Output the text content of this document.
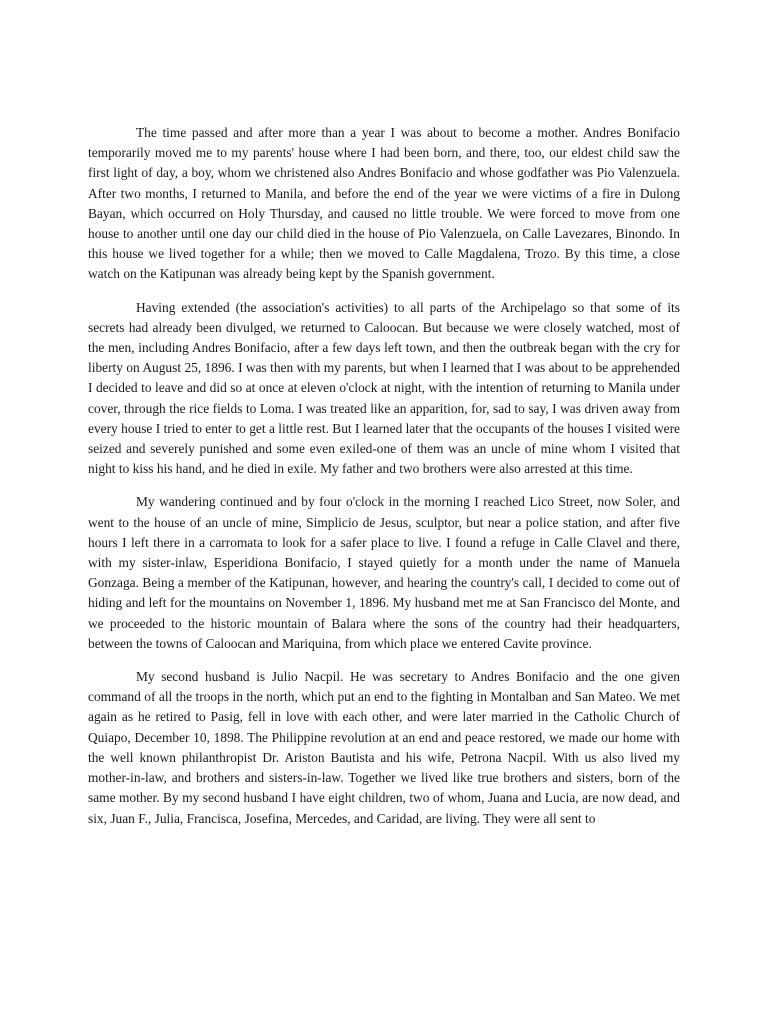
The time passed and after more than a year I was about to become a mother. Andres Bonifacio temporarily moved me to my parents' house where I had been born, and there, too, our eldest child saw the first light of day, a boy, whom we christened also Andres Bonifacio and whose godfather was Pio Valenzuela. After two months, I returned to Manila, and before the end of the year we were victims of a fire in Dulong Bayan, which occurred on Holy Thursday, and caused no little trouble. We were forced to move from one house to another until one day our child died in the house of Pio Valenzuela, on Calle Lavezares, Binondo. In this house we lived together for a while; then we moved to Calle Magdalena, Trozo. By this time, a close watch on the Katipunan was already being kept by the Spanish government.

Having extended (the association's activities) to all parts of the Archipelago so that some of its secrets had already been divulged, we returned to Caloocan. But because we were closely watched, most of the men, including Andres Bonifacio, after a few days left town, and then the outbreak began with the cry for liberty on August 25, 1896. I was then with my parents, but when I learned that I was about to be apprehended I decided to leave and did so at once at eleven o'clock at night, with the intention of returning to Manila under cover, through the rice fields to Loma. I was treated like an apparition, for, sad to say, I was driven away from every house I tried to enter to get a little rest. But I learned later that the occupants of the houses I visited were seized and severely punished and some even exiled-one of them was an uncle of mine whom I visited that night to kiss his hand, and he died in exile. My father and two brothers were also arrested at this time.

My wandering continued and by four o'clock in the morning I reached Lico Street, now Soler, and went to the house of an uncle of mine, Simplicio de Jesus, sculptor, but near a police station, and after five hours I left there in a carromata to look for a safer place to live. I found a refuge in Calle Clavel and there, with my sister-inlaw, Esperidiona Bonifacio, I stayed quietly for a month under the name of Manuela Gonzaga. Being a member of the Katipunan, however, and hearing the country's call, I decided to come out of hiding and left for the mountains on November 1, 1896. My husband met me at San Francisco del Monte, and we proceeded to the historic mountain of Balara where the sons of the country had their headquarters, between the towns of Caloocan and Mariquina, from which place we entered Cavite province.

My second husband is Julio Nacpil. He was secretary to Andres Bonifacio and the one given command of all the troops in the north, which put an end to the fighting in Montalban and San Mateo. We met again as he retired to Pasig, fell in love with each other, and were later married in the Catholic Church of Quiapo, December 10, 1898. The Philippine revolution at an end and peace restored, we made our home with the well known philanthropist Dr. Ariston Bautista and his wife, Petrona Nacpil. With us also lived my mother-in-law, and brothers and sisters-in-law. Together we lived like true brothers and sisters, born of the same mother. By my second husband I have eight children, two of whom, Juana and Lucia, are now dead, and six, Juan F., Julia, Francisca, Josefina, Mercedes, and Caridad, are living. They were all sent to
